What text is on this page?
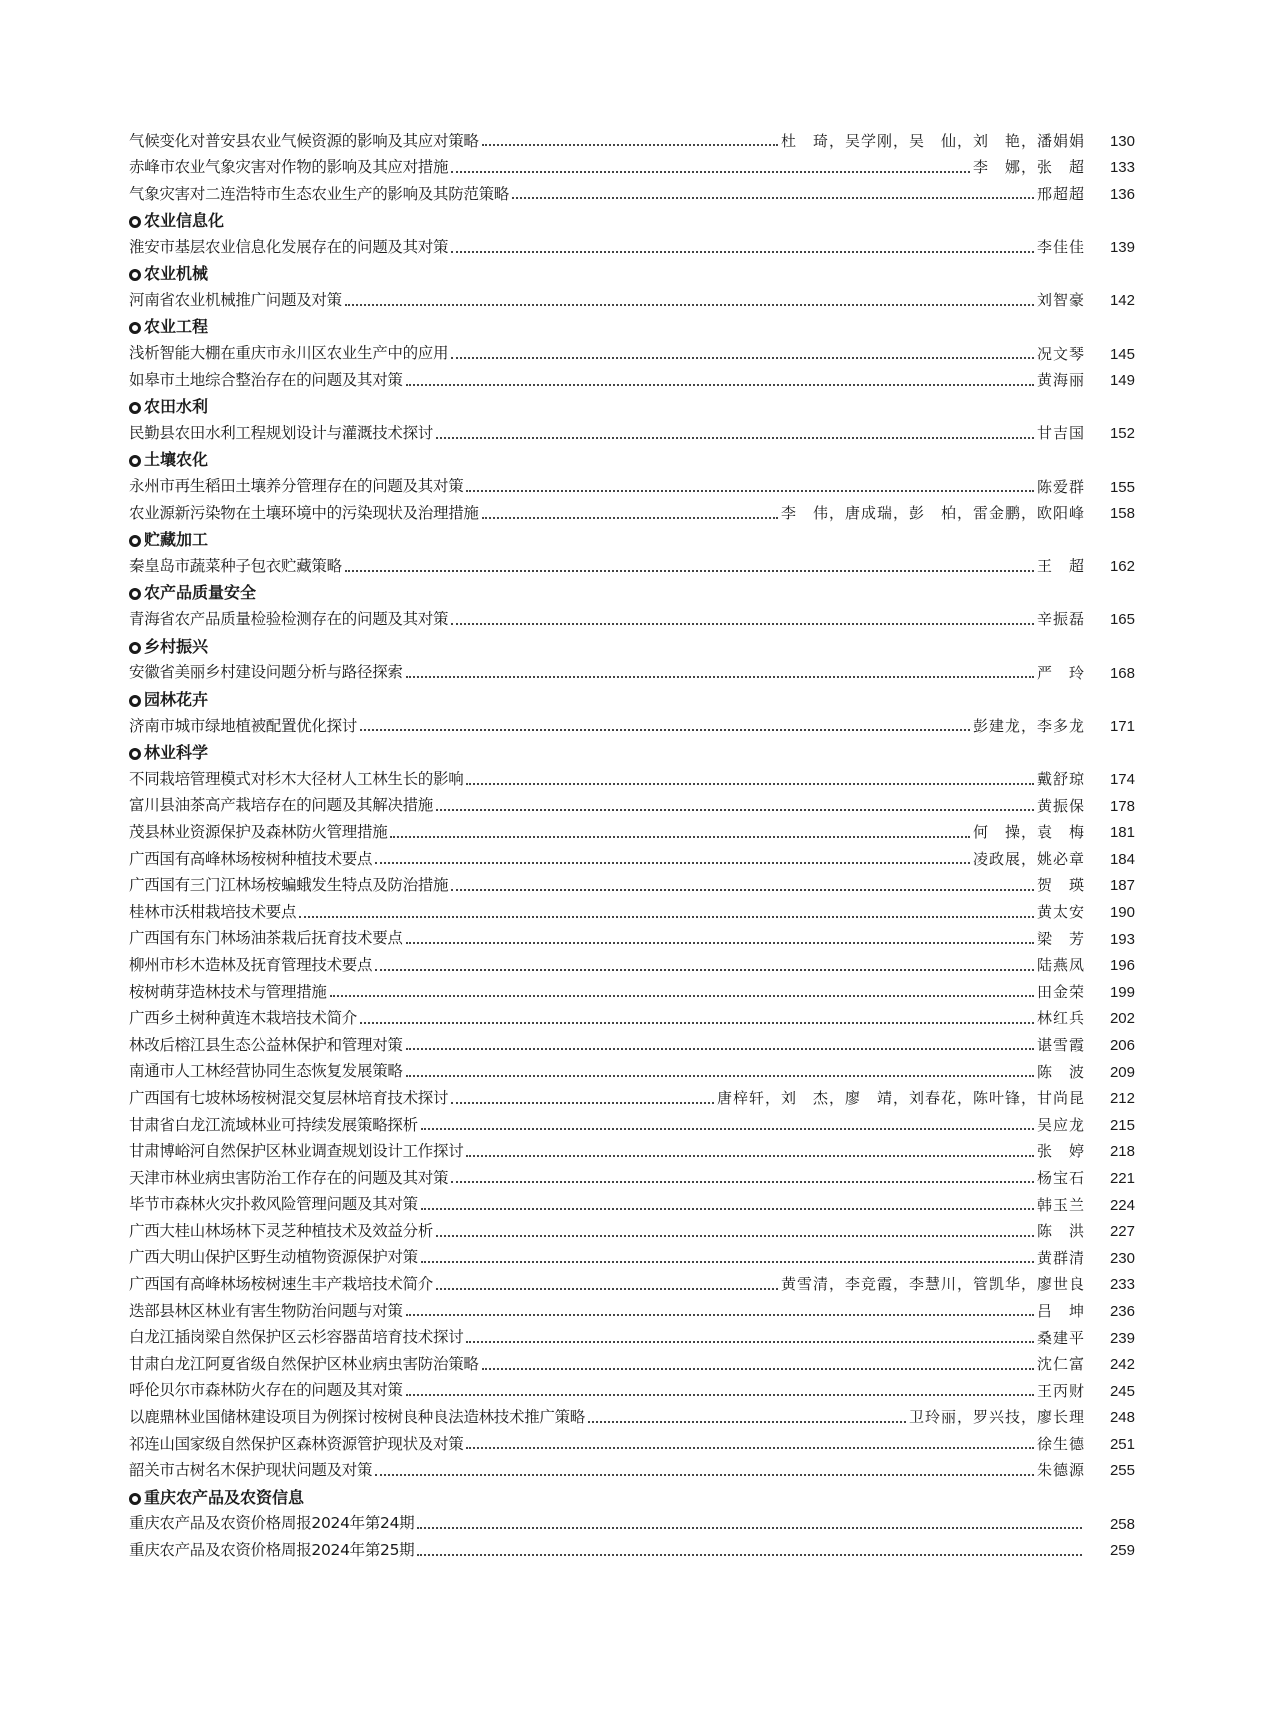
气候变化对普安县农业气候资源的影响及其应对策略	杜　琦，吴学刚，吴　仙，刘　艳，潘娟娟	130
赤峰市农业气象灾害对作物的影响及其应对措施	李　娜，张　超	133
气象灾害对二连浩特市生态农业生产的影响及其防范策略	邢超超	136
农业信息化
淮安市基层农业信息化发展存在的问题及其对策	李佳佳	139
农业机械
河南省农业机械推广问题及对策	刘智豪	142
农业工程
浅析智能大棚在重庆市永川区农业生产中的应用	况文琴	145
如皋市土地综合整治存在的问题及其对策	黄海丽	149
农田水利
民勤县农田水利工程规划设计与灌溉技术探讨	甘吉国	152
土壤农化
永州市再生稻田土壤养分管理存在的问题及其对策	陈爱群	155
农业源新污染物在土壤环境中的污染现状及治理措施	李　伟，唐成瑞，彭　柏，雷金鹏，欧阳峰	158
贮藏加工
秦皇岛市蔬菜种子包衣贮藏策略	王　超	162
农产品质量安全
青海省农产品质量检验检测存在的问题及其对策	辛振磊	165
乡村振兴
安徽省美丽乡村建设问题分析与路径探索	严　玲	168
园林花卉
济南市城市绿地植被配置优化探讨	彭建龙，李多龙	171
林业科学
不同栽培管理模式对杉木大径材人工林生长的影响	戴舒琼	174
富川县油茶高产栽培存在的问题及其解决措施	黄振保	178
茂县林业资源保护及森林防火管理措施	何　操，袁　梅	181
广西国有高峰林场桉树种植技术要点	凌政展，姚必章	184
广西国有三门江林场桉蝙蛾发生特点及防治措施	贺　瑛	187
桂林市沃柑栽培技术要点	黄太安	190
广西国有东门林场油茶栽后抚育技术要点	梁　芳	193
柳州市杉木造林及抚育管理技术要点	陆燕凤	196
桉树萌芽造林技术与管理措施	田金荣	199
广西乡土树种黄连木栽培技术简介	林红兵	202
林改后榕江县生态公益林保护和管理对策	谌雪霞	206
南通市人工林经营协同生态恢复发展策略	陈　波	209
广西国有七坡林场桉树混交复层林培育技术探讨	唐梓轩，刘　杰，廖　靖，刘春花，陈叶锋，甘尚昆	212
甘肃省白龙江流域林业可持续发展策略探析	吴应龙	215
甘肃博峪河自然保护区林业调查规划设计工作探讨	张　婷	218
天津市林业病虫害防治工作存在的问题及其对策	杨宝石	221
毕节市森林火灾扑救风险管理问题及其对策	韩玉兰	224
广西大桂山林场林下灵芝种植技术及效益分析	陈　洪	227
广西大明山保护区野生动植物资源保护对策	黄群清	230
广西国有高峰林场桉树速生丰产栽培技术简介	黄雪清，李竞霞，李慧川，管凯华，廖世良	233
迭部县林区林业有害生物防治问题与对策	吕　坤	236
白龙江插岗梁自然保护区云杉容器苗培育技术探讨	桑建平	239
甘肃白龙江阿夏省级自然保护区林业病虫害防治策略	沈仁富	242
呼伦贝尔市森林防火存在的问题及其对策	王丙财	245
以鹿鼎林业国储林建设项目为例探讨桉树良种良法造林技术推广策略	卫玲丽，罗兴技，廖长理	248
祁连山国家级自然保护区森林资源管护现状及对策	徐生德	251
韶关市古树名木保护现状问题及对策	朱德源	255
重庆农产品及农资信息
重庆农产品及农资价格周报2024年第24期	258
重庆农产品及农资价格周报2024年第25期	259
